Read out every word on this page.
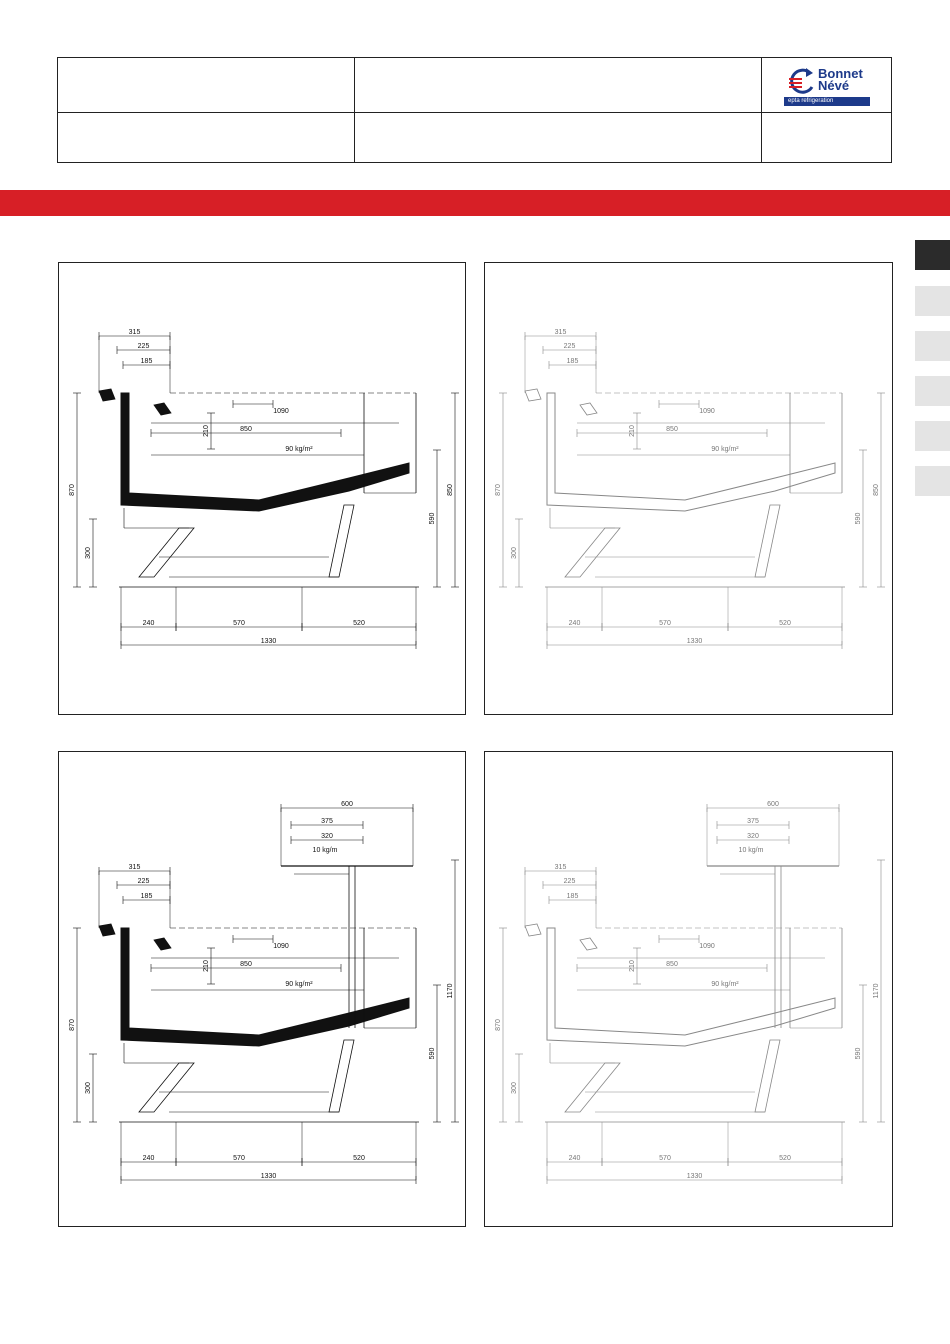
Bonnet
Névé
epta refrigeration
315
225
185
1090
850
210
90 kg/m²
870
300
590
850
240	570	520
1330
315
225
185
1090
850
210
90 kg/m²
870
300
590
850
240	570	520
1330
315
225
185
1090
850
210
90 kg/m²
870
300
590
1170
240	570	520
1330
600
375
320
10 kg/m
315
225
185
1090
850
210
90 kg/m²
870
300
590
1170
240	570	520
1330
600
375
320
10 kg/m
